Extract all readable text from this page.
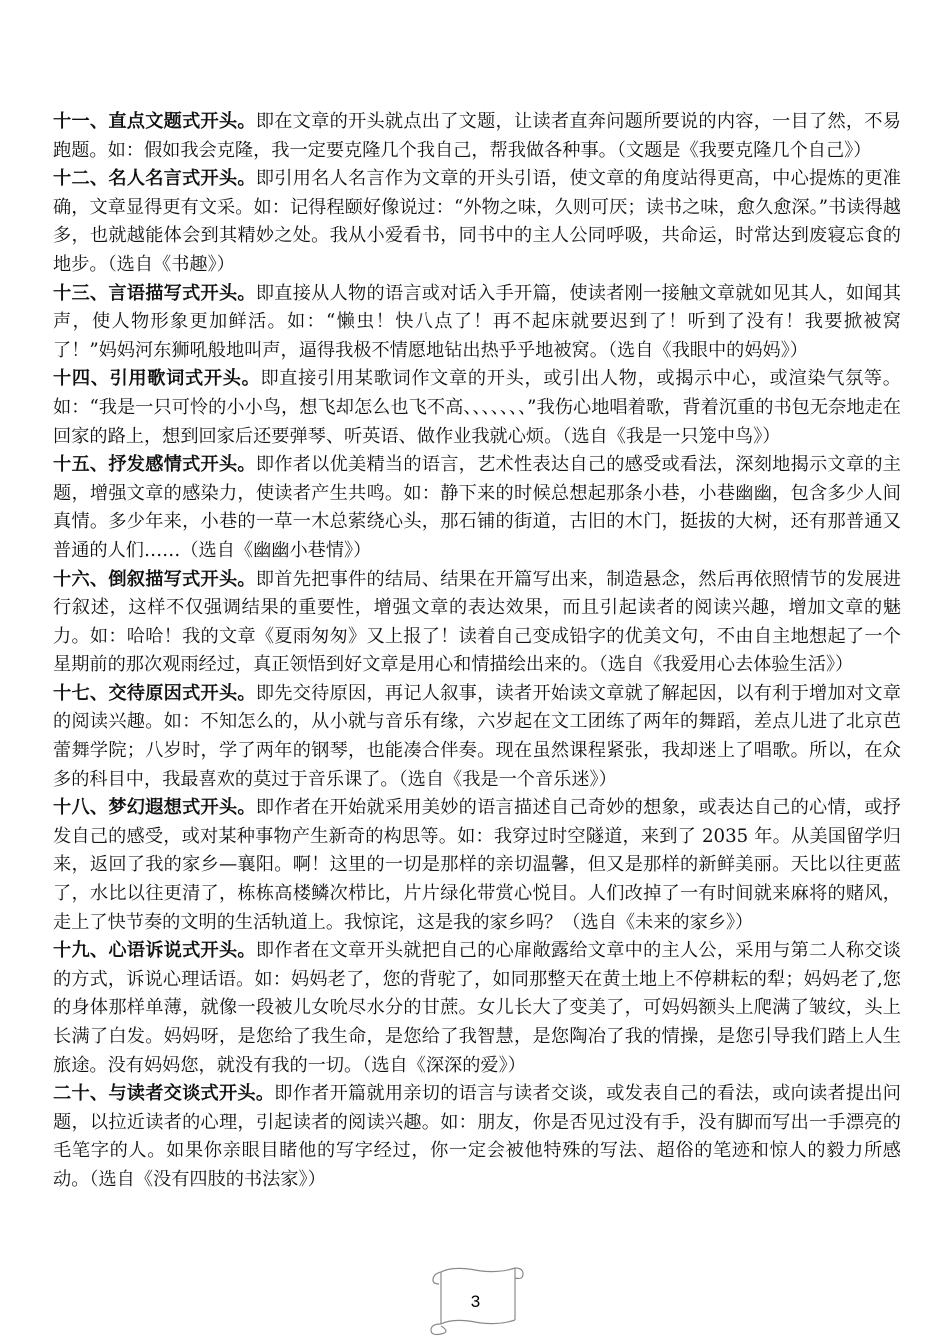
十一、直点文题式开头。即在文章的开头就点出了文题，让读者直奔问题所要说的内容，一目了然，不易跑题。如：假如我会克隆，我一定要克隆几个我自己，帮我做各种事。（文题是《我要克隆几个自己》）

十二、名人名言式开头。即引用名人名言作为文章的开头引语，使文章的角度站得更高，中心提炼的更准确，文章显得更有文采。如：记得程颐好像说过：“外物之味，久则可厌；读书之味，愈久愈深。”书读得越多，也就越能体会到其精妙之处。我从小爱看书，同书中的主人公同呼吸，共命运，时常达到废寝忘食的地步。（选自《书趣》）

十三、言语描写式开头。即直接从人物的语言或对话入手开篇，使读者刚一接触文章就如见其人，如闻其声，使人物形象更加鲜活。如：“懒虫！快八点了！再不起床就要迟到了！听到了没有！我要掀被窝了！”妈妈河东狮吼般地叫声，逼得我极不情愿地钻出热乎乎地被窝。（选自《我眼中的妈妈》）

十四、引用歌词式开头。即直接引用某歌词作文章的开头，或引出人物，或揭示中心，或渲染气氛等。如：“我是一只可怜的小小鸟，想飞却怎么也飞不高、、、、、、、”我伤心地唱着歌，背着沉重的书包无奈地走在回家的路上，想到回家后还要弹琴、听英语、做作业我就心烦。（选自《我是一只笼中鸟》）

十五、抒发感情式开头。即作者以优美精当的语言，艺术性表达自己的感受或看法，深刻地揭示文章的主题，增强文章的感染力，使读者产生共鸣。如：静下来的时候总想起那条小巷，小巷幽幽，包含多少人间真情。多少年来，小巷的一草一木总萦绕心头，那石铺的街道，古旧的木门，挺拔的大树，还有那普通又普通的人们……（选自《幽幽小巷情》）

十六、倒叙描写式开头。即首先把事件的结局、结果在开篇写出来，制造悬念，然后再依照情节的发展进行叙述，这样不仅强调结果的重要性，增强文章的表达效果，而且引起读者的阅读兴趣，增加文章的魅力。如：哈哈！我的文章《夏雨匆匆》又上报了！读着自己变成铅字的优美文句，不由自主地想起了一个星期前的那次观雨经过，真正领悟到好文章是用心和情描绘出来的。（选自《我爱用心去体验生活》）

十七、交待原因式开头。即先交待原因，再记人叙事，读者开始读文章就了解起因，以有利于增加对文章的阅读兴趣。如：不知怎么的，从小就与音乐有缘，六岁起在文工团练了两年的舞蹈，差点儿进了北京芭蕾舞学院；八岁时，学了两年的钢琴，也能凑合伴奏。现在虽然课程紧张，我却迷上了唱歌。所以，在众多的科目中，我最喜欢的莫过于音乐课了。（选自《我是一个音乐迷》）

十八、梦幻遐想式开头。即作者在开始就采用美妙的语言描述自己奇妙的想象，或表达自己的心情，或抒发自己的感受，或对某种事物产生新奇的构思等。如：我穿过时空隧道，来到了 2035 年。从美国留学归来，返回了我的家乡—襄阳。啊！这里的一切是那样的亲切温馨，但又是那样的新鲜美丽。天比以往更蓝了，水比以往更清了，栋栋高楼鳞次栉比，片片绿化带赏心悦目。人们改掉了一有时间就来麻将的赌风，走上了快节奏的文明的生活轨道上。我惊诧，这是我的家乡吗？（选自《未来的家乡》）

十九、心语诉说式开头。即作者在文章开头就把自己的心扉敞露给文章中的主人公，采用与第二人称交谈的方式，诉说心理话语。如：妈妈老了，您的背驼了，如同那整天在黄土地上不停耕耘的犁；妈妈老了,您的身体那样单薄，就像一段被儿女吮尽水分的甘蔗。女儿长大了变美了，可妈妈额头上爬满了皱纹，头上长满了白发。妈妈呀，是您给了我生命，是您给了我智慧，是您陶冶了我的情操，是您引导我们踏上人生旅途。没有妈妈您，就没有我的一切。（选自《深深的爱》）

二十、与读者交谈式开头。即作者开篇就用亲切的语言与读者交谈，或发表自己的看法，或向读者提出问题，以拉近读者的心理，引起读者的阅读兴趣。如：朋友，你是否见过没有手，没有脚而写出一手漂亮的毛笔字的人。如果你亲眼目睹他的写字经过，你一定会被他特殊的写法、超俗的笔迹和惊人的毅力所感动。（选自《没有四肢的书法家》）

3
